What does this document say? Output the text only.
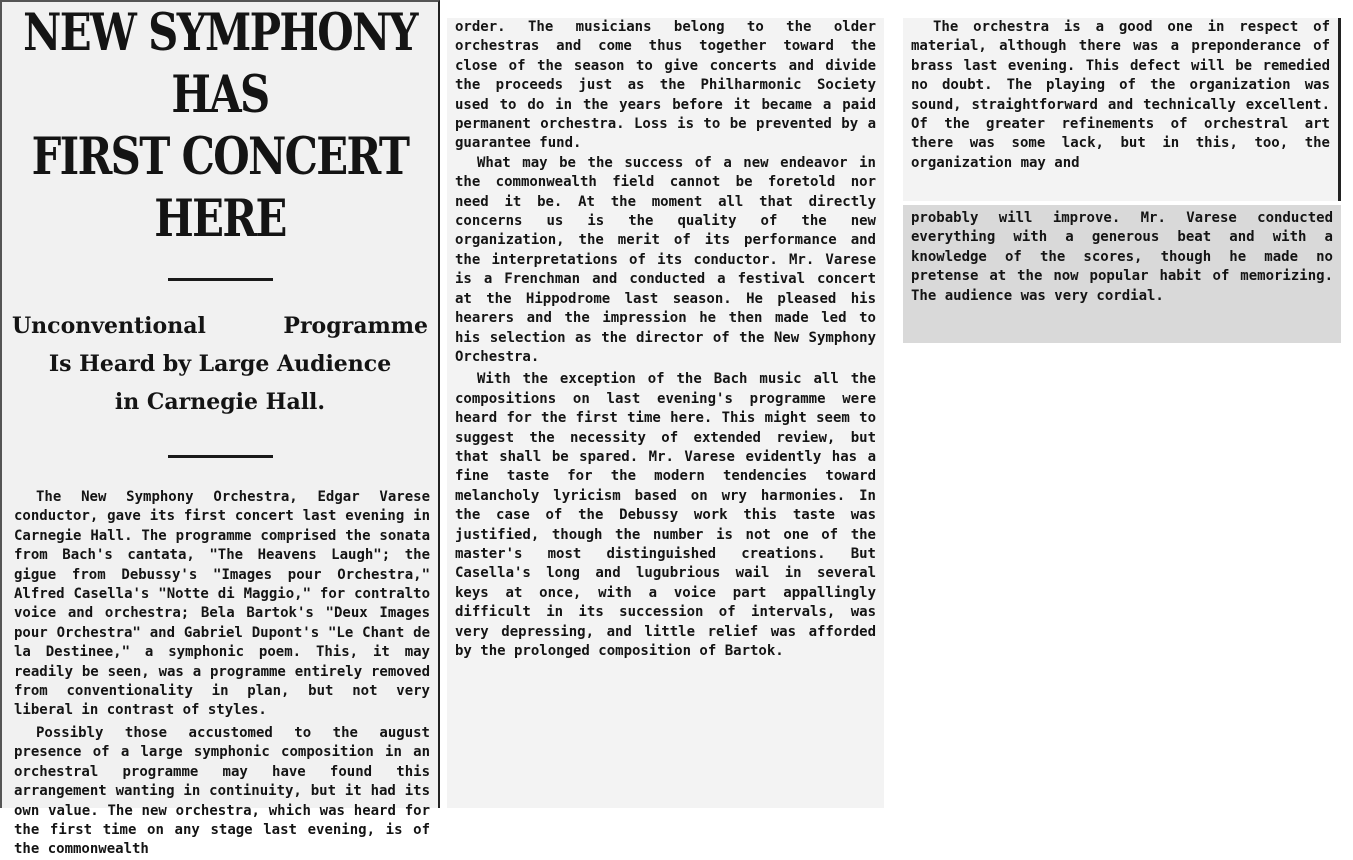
NEW SYMPHONY HAS
FIRST CONCERT HERE
Unconventional	Programme
Is Heard by Large Audience
in Carnegie Hall.

The New Symphony Orchestra, Edgar Varese conductor, gave its first concert last evening in Carnegie Hall. The programme comprised the sonata from Bach's cantata, "The Heavens Laugh"; the gigue from Debussy's "Images pour Orchestra," Alfred Casella's "Notte di Maggio," for contralto voice and orchestra; Bela Bartok's "Deux Images pour Orchestra" and Gabriel Dupont's "Le Chant de la Destinee," a symphonic poem. This, it may readily be seen, was a programme entirely removed from conventionality in plan, but not very liberal in contrast of styles.

Possibly those accustomed to the august presence of a large symphonic composition in an orchestral programme may have found this arrangement wanting in continuity, but it had its own value. The new orchestra, which was heard for the first time on any stage last evening, is of the commonwealth

order. The musicians belong to the older orchestras and come thus together toward the close of the season to give concerts and divide the proceeds just as the Philharmonic Society used to do in the years before it became a paid permanent orchestra. Loss is to be prevented by a guarantee fund.

What may be the success of a new endeavor in the commonwealth field cannot be foretold nor need it be. At the moment all that directly concerns us is the quality of the new organization, the merit of its performance and the interpretations of its conductor. Mr. Varese is a Frenchman and conducted a festival concert at the Hippodrome last season. He pleased his hearers and the impression he then made led to his selection as the director of the New Symphony Orchestra.

With the exception of the Bach music all the compositions on last evening's programme were heard for the first time here. This might seem to suggest the necessity of extended review, but that shall be spared. Mr. Varese evidently has a fine taste for the modern tendencies toward melancholy lyricism based on wry harmonies. In the case of the Debussy work this taste was justified, though the number is not one of the master's most distinguished creations. But Casella's long and lugubrious wail in several keys at once, with a voice part appallingly difficult in its succession of intervals, was very depressing, and little relief was afforded by the prolonged composition of Bartok.

The orchestra is a good one in respect of material, although there was a preponderance of brass last evening. This defect will be remedied no doubt. The playing of the organization was sound, straightforward and technically excellent. Of the greater refinements of orchestral art there was some lack, but in this, too, the organization may and

probably will improve. Mr. Varese conducted everything with a generous beat and with a knowledge of the scores, though he made no pretense at the now popular habit of memorizing. The audience was very cordial.
